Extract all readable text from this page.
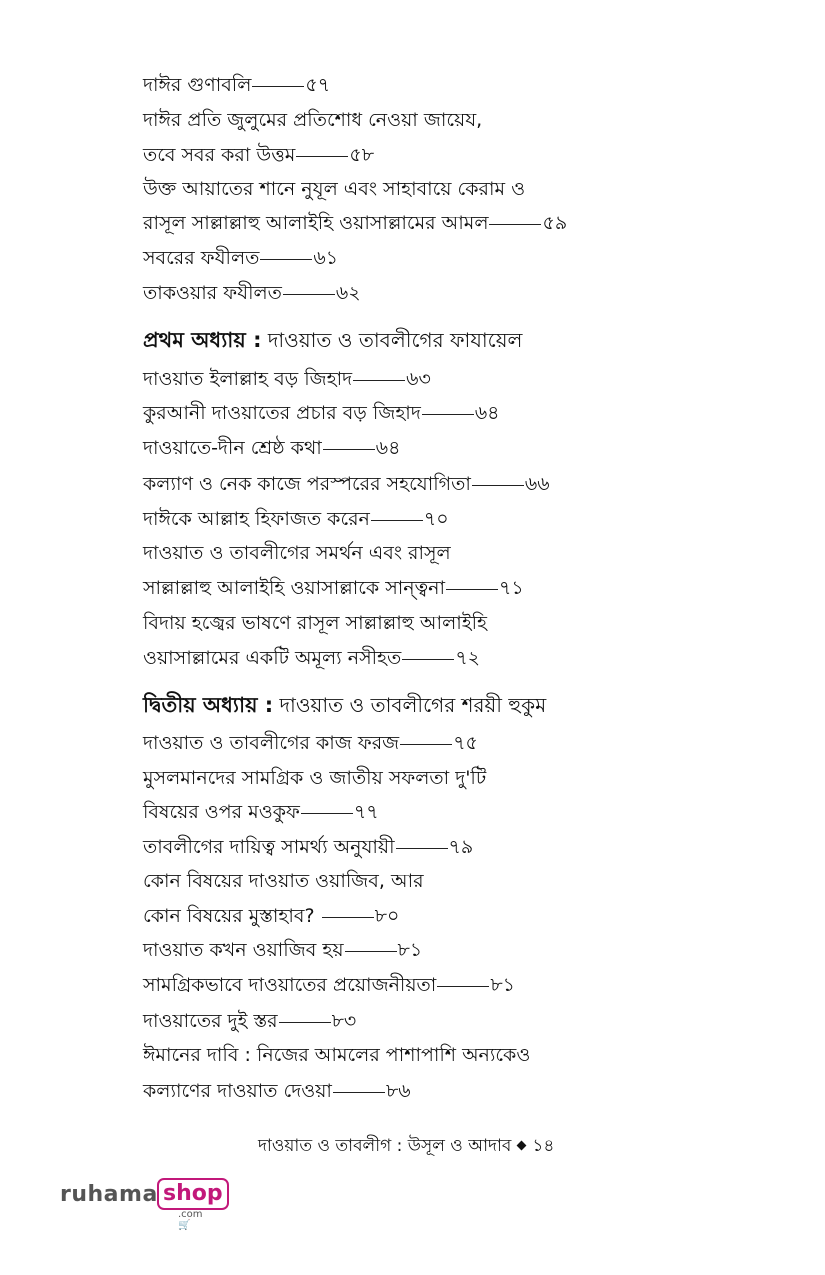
দাঈর গুণাবলি	৫৭
দাঈর প্রতি জুলুমের প্রতিশোধ নেওয়া জায়েয,
তবে সবর করা উত্তম	৫৮
উক্ত আয়াতের শানে নুযূল এবং সাহাবায়ে কেরাম ও
রাসূল সাল্লাল্লাহু আলাইহি ওয়াসাল্লামের আমল	৫৯
সবরের ফযীলত	৬১
তাকওয়ার ফযীলত	৬২
প্রথম অধ্যায় : দাওয়াত ও তাবলীগের ফাযায়েল
দাওয়াত ইলাল্লাহ বড় জিহাদ	৬৩
কুরআনী দাওয়াতের প্রচার বড় জিহাদ	৬৪
দাওয়াতে-দীন শ্রেষ্ঠ কথা	৬৪
কল্যাণ ও নেক কাজে পরস্পরের সহযোগিতা	৬৬
দাঈকে আল্লাহ হিফাজত করেন	৭০
দাওয়াত ও তাবলীগের সমর্থন এবং রাসূল
সাল্লাল্লাহু আলাইহি ওয়াসাল্লাকে সান্ত্বনা	৭১
বিদায় হজ্বের ভাষণে রাসূল সাল্লাল্লাহু আলাইহি
ওয়াসাল্লামের একটি অমূল্য নসীহত	৭২
দ্বিতীয় অধ্যায় : দাওয়াত ও তাবলীগের শরয়ী হুকুম
দাওয়াত ও তাবলীগের কাজ ফরজ	৭৫
মুসলমানদের সামগ্রিক ও জাতীয় সফলতা দু'টি
বিষয়ের ওপর মওকুফ	৭৭
তাবলীগের দায়িত্ব সামর্থ্য অনুযায়ী	৭৯
কোন বিষয়ের দাওয়াত ওয়াজিব, আর
কোন বিষয়ের মুস্তাহাব?	৮০
দাওয়াত কখন ওয়াজিব হয়	৮১
সামগ্রিকভাবে দাওয়াতের প্রয়োজনীয়তা	৮১
দাওয়াতের দুই স্তর	৮৩
ঈমানের দাবি : নিজের আমলের পাশাপাশি অন্যকেও
কল্যাণের দাওয়াত দেওয়া	৮৬
দাওয়াত ও তাবলীগ : উসূল ও আদাব ১৪
ruhama shop
.com 🛒
